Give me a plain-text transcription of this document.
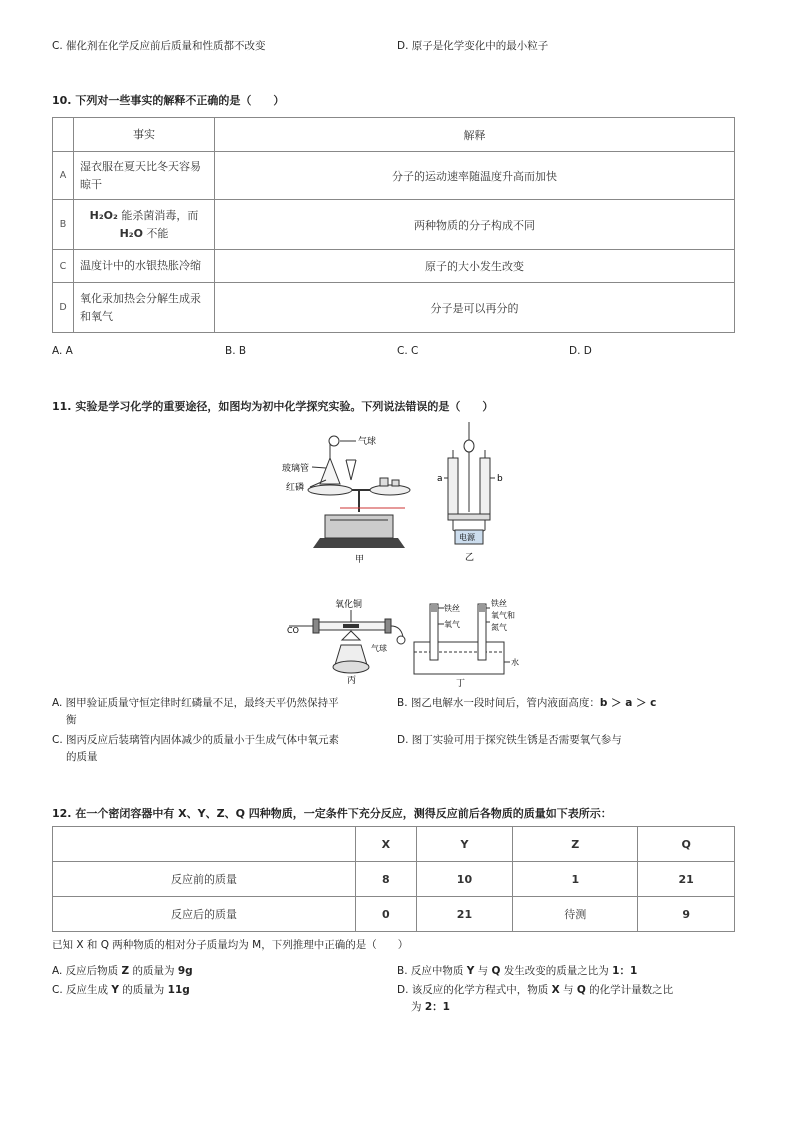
C. 催化剂在化学反应前后质量和性质都不改变	D. 原子是化学变化中的最小粒子
10. 下列对一些事实的解释不正确的是（　　）
	事实	解释
A	湿衣服在夏天比冬天容易晾干	分子的运动速率随温度升高而加快
B	H₂O₂ 能杀菌消毒，而
H₂O 不能	两种物质的分子构成不同
C	温度计中的水银热胀冷缩	原子的大小发生改变
D	氧化汞加热会分解生成汞和氧气	分子是可以再分的
A. A	B. B	C. C	D. D
11. 实验是学习化学的重要途径，如图均为初中化学探究实验。下列说法错误的是（　　）
气球
玻璃管
红磷
甲
电源
a	b
乙
氧化铜
CO
气球
丙
铁丝
氧气
铁丝
氧气和
氮气
水
丁
A. 图甲验证质量守恒定律时红磷量不足，最终天平仍然保持平
衡
B. 图乙电解水一段时间后，管内液面高度：b ＞ a ＞ c
C. 图丙反应后装璃管内固体减少的质量小于生成气体中氧元素
的质量
D. 图丁实验可用于探究铁生锈是否需要氧气参与
12. 在一个密闭容器中有 X、Y、Z、Q 四种物质，一定条件下充分反应，测得反应前后各物质的质量如下表所示：
	X	Y	Z	Q
反应前的质量	8	10	1	21
反应后的质量	0	21	待测	9
已知 X 和 Q 两种物质的相对分子质量均为 M，下列推理中正确的是（　　）
A. 反应后物质 Z 的质量为 9g	B. 反应中物质 Y 与 Q 发生改变的质量之比为 1：1
C. 反应生成 Y 的质量为 11g	D. 该反应的化学方程式中，物质 X 与 Q 的化学计量数之比
为 2：1
